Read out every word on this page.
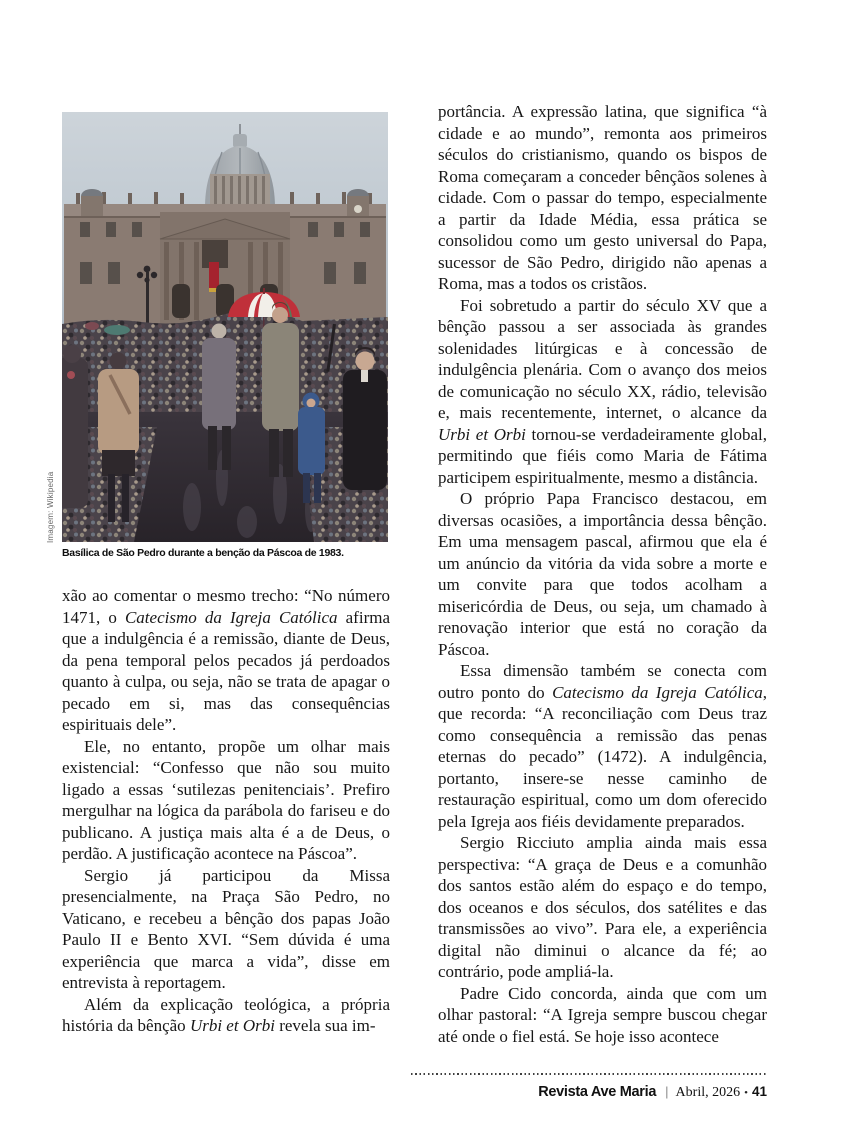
Imagem: Wikipedia
Basílica de São Pedro durante a benção da Páscoa de 1983.

xão ao comentar o mesmo trecho: “No número 1471, o Catecismo da Igreja Católica afirma que a indulgência é a remissão, diante de Deus, da pena temporal pelos pecados já perdoados quanto à culpa, ou seja, não se trata de apagar o pecado em si, mas das consequências espirituais dele”.

Ele, no entanto, propõe um olhar mais existencial: “Confesso que não sou muito ligado a essas ‘sutilezas penitenciais’. Prefiro mergulhar na lógica da parábola do fariseu e do publicano. A justiça mais alta é a de Deus, o perdão. A justificação acontece na Páscoa”.

Sergio já participou da Missa presencialmente, na Praça São Pedro, no Vaticano, e recebeu a bênção dos papas João Paulo II e Bento XVI. “Sem dúvida é uma experiência que marca a vida”, disse em entrevista à reportagem.

Além da explicação teológica, a própria história da bênção Urbi et Orbi revela sua im-

portância. A expressão latina, que significa “à cidade e ao mundo”, remonta aos primeiros séculos do cristianismo, quando os bispos de Roma começaram a conceder bênçãos solenes à cidade. Com o passar do tempo, especialmente a partir da Idade Média, essa prática se consolidou como um gesto universal do Papa, sucessor de São Pedro, dirigido não apenas a Roma, mas a todos os cristãos.

Foi sobretudo a partir do século XV que a bênção passou a ser associada às grandes solenidades litúrgicas e à concessão de indulgência plenária. Com o avanço dos meios de comunicação no século XX, rádio, televisão e, mais recentemente, internet, o alcance da Urbi et Orbi tornou-se verdadeiramente global, permitindo que fiéis como Maria de Fátima participem espiritualmente, mesmo a distância.

O próprio Papa Francisco destacou, em diversas ocasiões, a importância dessa bênção. Em uma mensagem pascal, afirmou que ela é um anúncio da vitória da vida sobre a morte e um convite para que todos acolham a misericórdia de Deus, ou seja, um chamado à renovação interior que está no coração da Páscoa.

Essa dimensão também se conecta com outro ponto do Catecismo da Igreja Católica, que recorda: “A reconciliação com Deus traz como consequência a remissão das penas eternas do pecado” (1472). A indulgência, portanto, insere-se nesse caminho de restauração espiritual, como um dom oferecido pela Igreja aos fiéis devidamente preparados.

Sergio Ricciuto amplia ainda mais essa perspectiva: “A graça de Deus e a comunhão dos santos estão além do espaço e do tempo, dos oceanos e dos séculos, dos satélites e das transmissões ao vivo”. Para ele, a experiência digital não diminui o alcance da fé; ao contrário, pode ampliá-la.

Padre Cido concorda, ainda que com um olhar pastoral: “A Igreja sempre buscou chegar até onde o fiel está. Se hoje isso acontece

Revista Ave Maria | Abril, 2026 • 41
